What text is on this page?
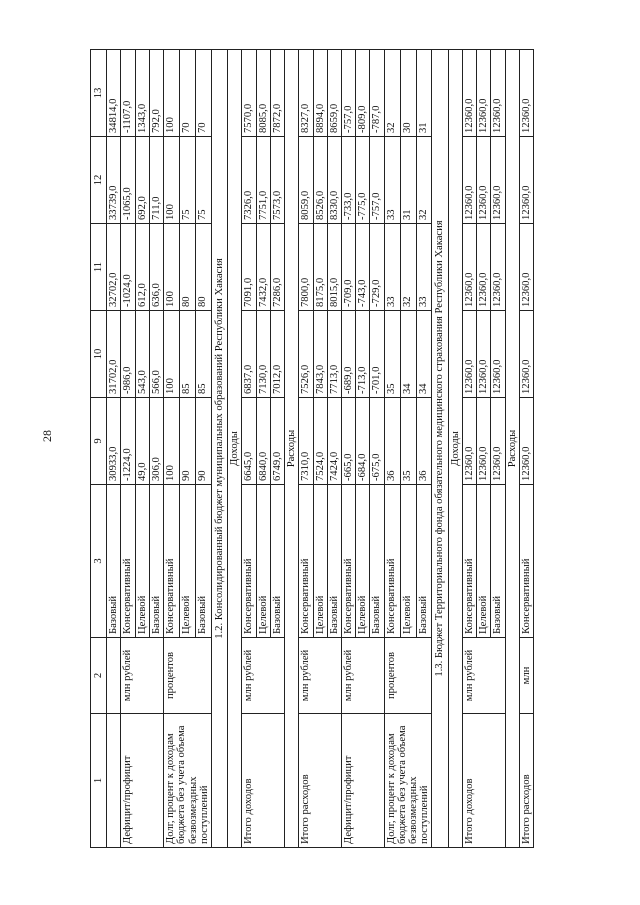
28
1	2	3	9	10	11	12	13
		Базовый	30933,0	31702,0	32702,0	33739,0	34814,0
Дефицит/профицит	млн рублей	Консервативный	-1224,0	-986,0	-1024,0	-1065,0	-1107,0
		Целевой	49,0	543,0	612,0	692,0	1343,0
		Базовый	306,0	566,0	636,0	711,0	792,0
Долг, процент к доходам бюджета без учета объема безвозмездных поступлений	процентов	Консервативный	100	100	100	100	100
		Целевой	90	85	80	75	70
		Базовый	90	85	80	75	70
1.2. Консолидированный бюджет муниципальных образований Республики Хакасия							
Доходы							
Итого доходов	млн рублей	Консервативный	6645,0	6837,0	7091,0	7326,0	7570,0
		Целевой	6840,0	7130,0	7432,0	7751,0	8085,0
		Базовый	6749,0	7012,0	7286,0	7573,0	7872,0
Расходы							
Итого расходов	млн рублей	Консервативный	7310,0	7526,0	7800,0	8059,0	8327,0
		Целевой	7524,0	7843,0	8175,0	8526,0	8894,0
		Базовый	7424,0	7713,0	8015,0	8330,0	8659,0
Дефицит/профицит	млн рублей	Консервативный	-665,0	-689,0	-709,0	-733,0	-757,0
		Целевой	-684,0	-713,0	-743,0	-775,0	-809,0
		Базовый	-675,0	-701,0	-729,0	-757,0	-787,0
Долг, процент к доходам бюджета без учета объема безвозмездных поступлений	процентов	Консервативный	36	35	33	33	32
		Целевой	35	34	32	31	30
		Базовый	36	34	33	32	31
1.3. Бюджет Территориального фонда обязательного медицинского страхования Республики Хакасия							
Доходы							
Итого доходов	млн рублей	Консервативный	12360,0	12360,0	12360,0	12360,0	12360,0
		Целевой	12360,0	12360,0	12360,0	12360,0	12360,0
		Базовый	12360,0	12360,0	12360,0	12360,0	12360,0
Расходы							
Итого расходов	млн	Консервативный	12360,0	12360,0	12360,0	12360,0	12360,0
